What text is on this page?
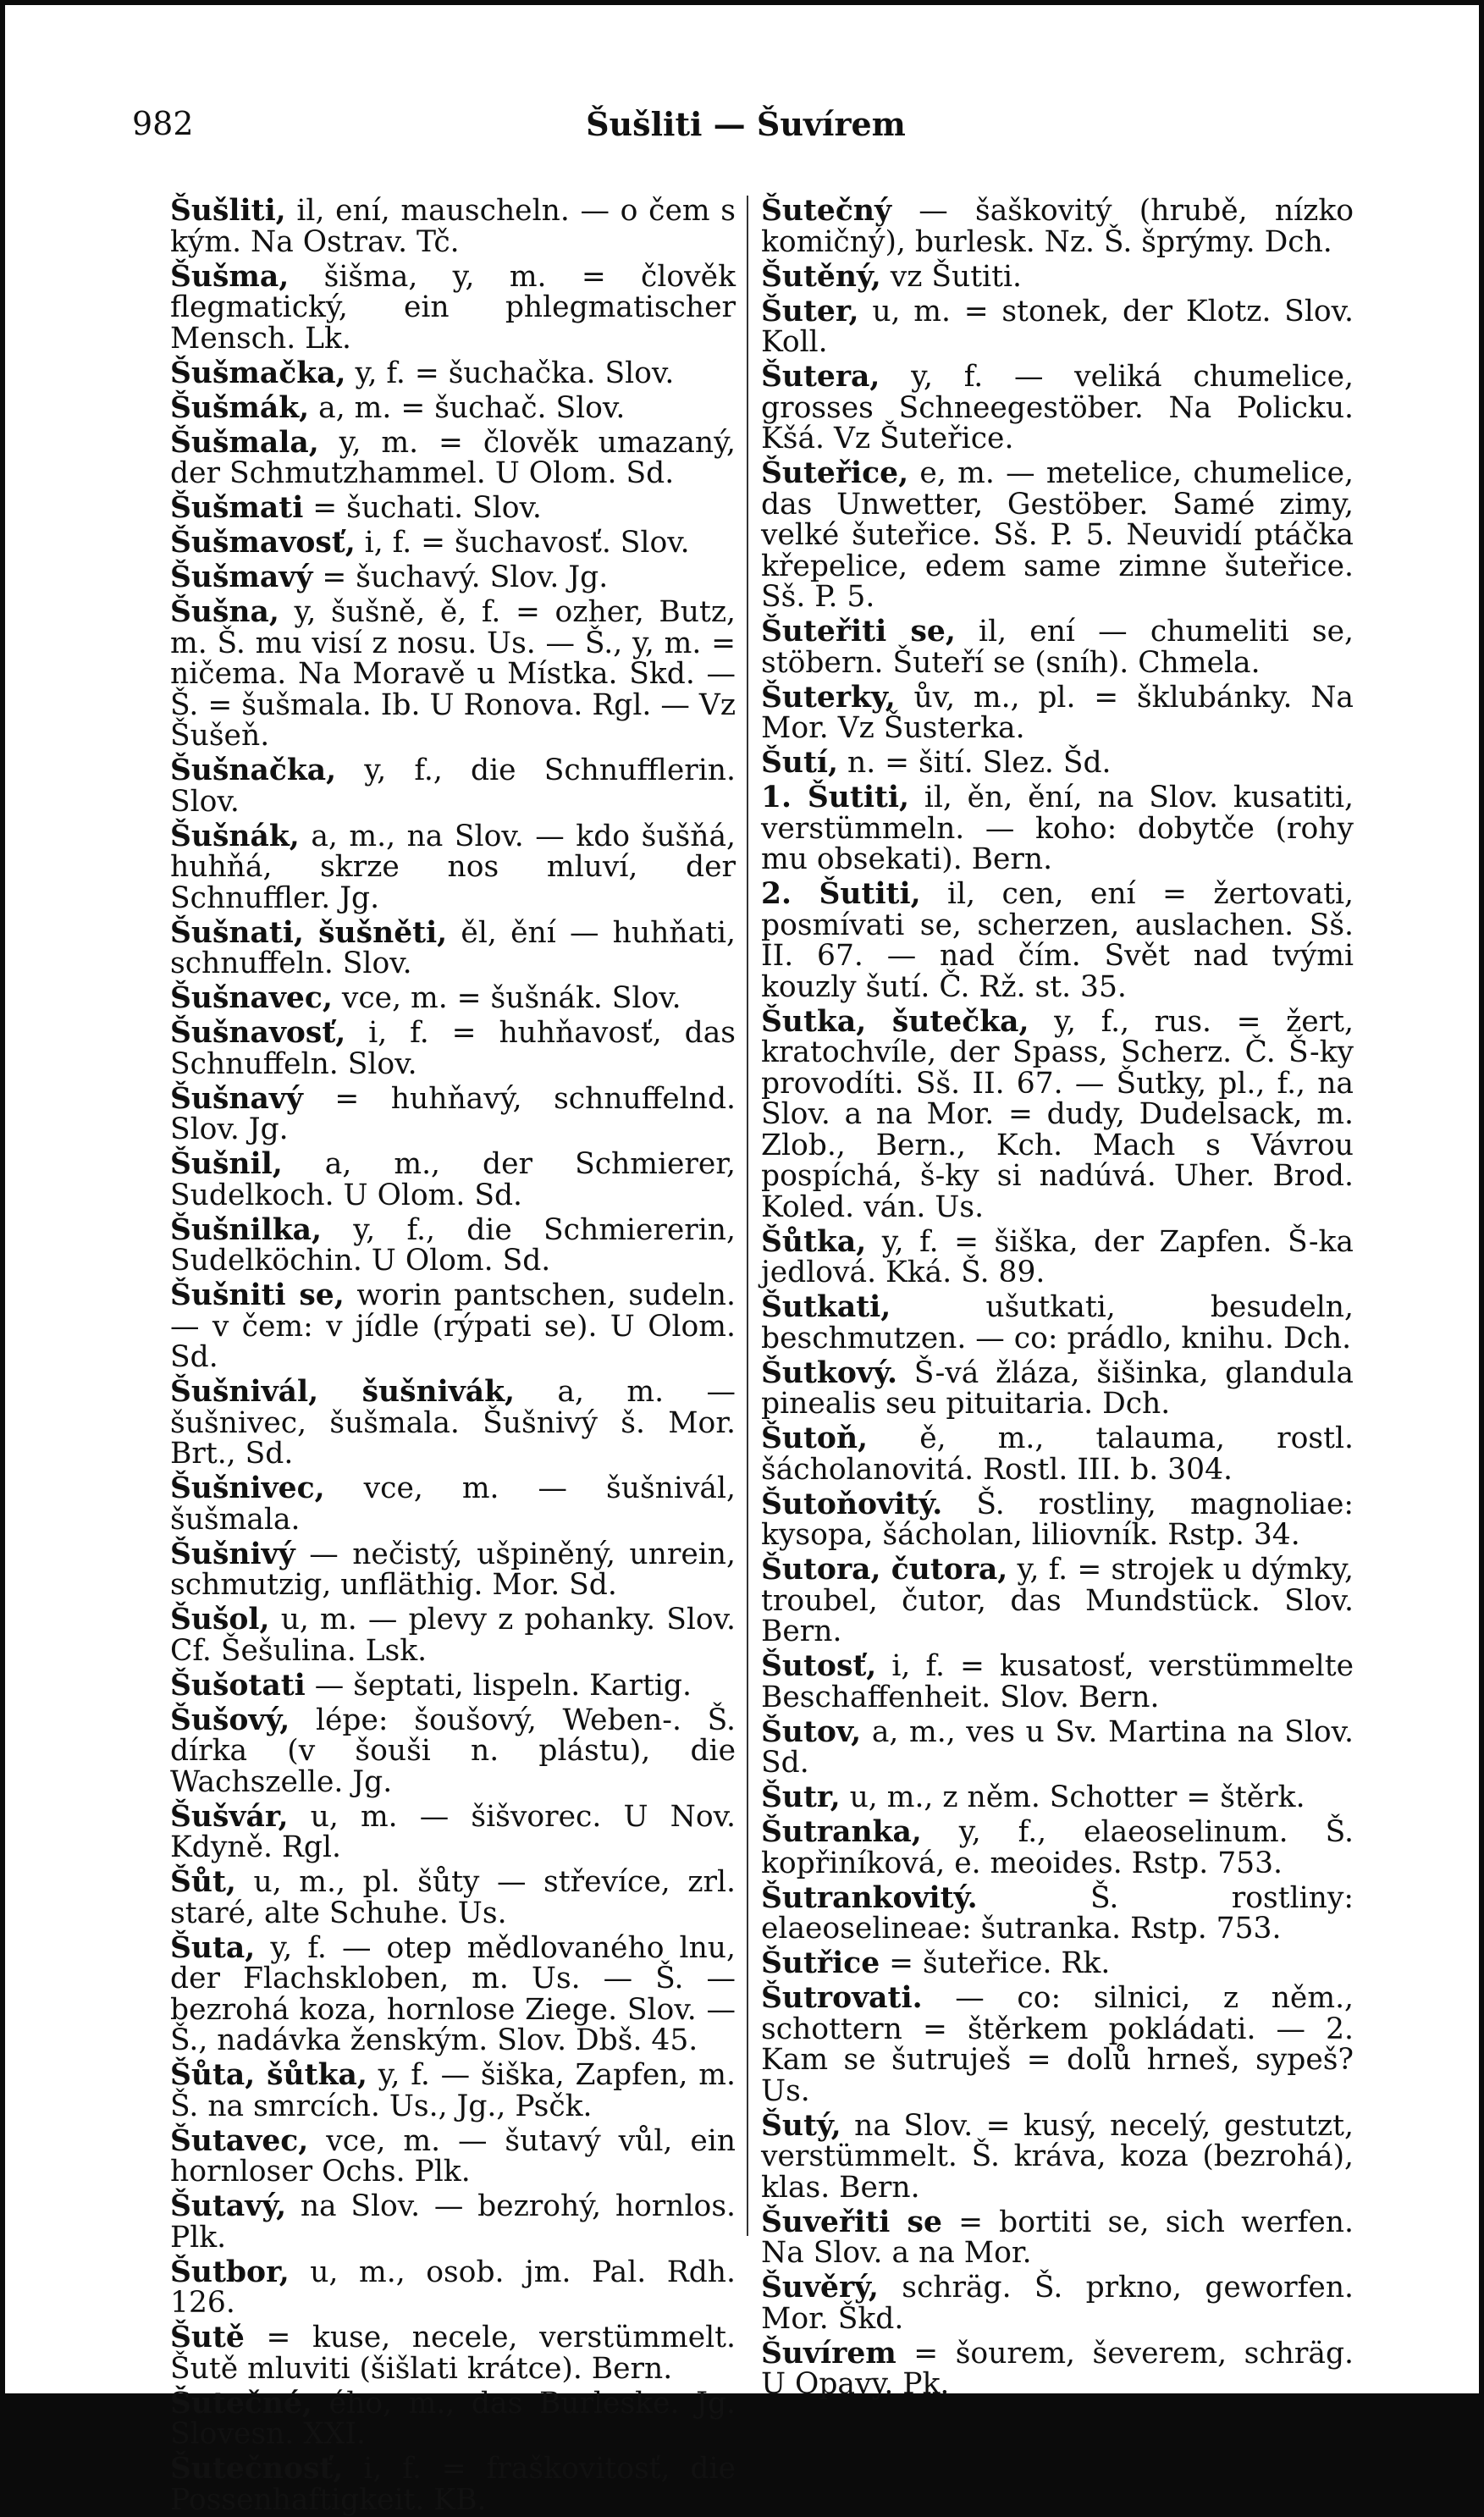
982	Šušliti — Šuvírem

Šušliti, il, ení, mauscheln. — o čem s kým. Na Ostrav. Tč.

Šušma, šišma, y, m. = člověk flegmatický, ein phlegmatischer Mensch. Lk.

Šušmačka, y, f. = šuchačka. Slov.

Šušmák, a, m. = šuchač. Slov.

Šušmala, y, m. = člověk umazaný, der Schmutzhammel. U Olom. Sd.

Šušmati = šuchati. Slov.

Šušmavosť, i, f. = šuchavosť. Slov.

Šušmavý = šuchavý. Slov. Jg.

Šušna, y, šušně, ě, f. = ozher, Butz, m. Š. mu visí z nosu. Us. — Š., y, m. = ničema. Na Moravě u Místka. Skd. — Š. = šušmala. Ib. U Ronova. Rgl. — Vz Šušeň.

Šušnačka, y, f., die Schnufflerin. Slov.

Šušnák, a, m., na Slov. — kdo šušňá, huhňá, skrze nos mluví, der Schnuffler. Jg.

Šušnati, šušněti, ěl, ění — huhňati, schnuffeln. Slov.

Šušnavec, vce, m. = šušnák. Slov.

Šušnavosť, i, f. = huhňavosť, das Schnuffeln. Slov.

Šušnavý = huhňavý, schnuffelnd. Slov. Jg.

Šušnil, a, m., der Schmierer, Sudelkoch. U Olom. Sd.

Šušnilka, y, f., die Schmiererin, Sudelköchin. U Olom. Sd.

Šušniti se, worin pantschen, sudeln. — v čem: v jídle (rýpati se). U Olom. Sd.

Šušnivál, šušnivák, a, m. — šušnivec, šušmala. Šušnivý š. Mor. Brt., Sd.

Šušnivec, vce, m. — šušnivál, šušmala.

Šušnivý — nečistý, ušpiněný, unrein, schmutzig, unfläthig. Mor. Sd.

Šušol, u, m. — plevy z pohanky. Slov. Cf. Šešulina. Lsk.

Šušotati — šeptati, lispeln. Kartig.

Šušový, lépe: šoušový, Weben-. Š. dírka (v šouši n. plástu), die Wachszelle. Jg.

Šušvár, u, m. — šišvorec. U Nov. Kdyně. Rgl.

Šůt, u, m., pl. šůty — střevíce, zrl. staré, alte Schuhe. Us.

Šuta, y, f. — otep mědlovaného lnu, der Flachskloben, m. Us. — Š. — bezrohá koza, hornlose Ziege. Slov. — Š., nadávka ženským. Slov. Dbš. 45.

Šůta, šůtka, y, f. — šiška, Zapfen, m. Š. na smrcích. Us., Jg., Psčk.

Šutavec, vce, m. — šutavý vůl, ein hornloser Ochs. Plk.

Šutavý, na Slov. — bezrohý, hornlos. Plk.

Šutbor, u, m., osob. jm. Pal. Rdh. 126.

Šutě = kuse, necele, verstümmelt. Šutě mluviti (šišlati krátce). Bern.

Šutečné, ého, m., das Burleske. Jg. Slovesn. XXI.

Šutečnosť, i, f. = fraškovitosť, die Possenhaftigkeit. KB.

Šutečný — šaškovitý (hrubě, nízko komičný), burlesk. Nz. Š. šprýmy. Dch.

Šutěný, vz Šutiti.

Šuter, u, m. = stonek, der Klotz. Slov. Koll.

Šutera, y, f. — veliká chumelice, grosses Schneegestöber. Na Policku. Kšá. Vz Šuteřice.

Šuteřice, e, m. — metelice, chumelice, das Unwetter, Gestöber. Samé zimy, velké šuteřice. Sš. P. 5. Neuvidí ptáčka křepelice, edem same zimne šuteřice. Sš. P. 5.

Šuteřiti se, il, ení — chumeliti se, stöbern. Šuteří se (sníh). Chmela.

Šuterky, ův, m., pl. = šklubánky. Na Mor. Vz Šusterka.

Šutí, n. = šití. Slez. Šd.

1. Šutiti, il, ěn, ění, na Slov. kusatiti, verstümmeln. — koho: dobytče (rohy mu obsekati). Bern.

2. Šutiti, il, cen, ení = žertovati, posmívati se, scherzen, auslachen. Sš. II. 67. — nad čím. Svět nad tvými kouzly šutí. Č. Rž. st. 35.

Šutka, šutečka, y, f., rus. = žert, kratochvíle, der Spass, Scherz. Č. Š-ky provodíti. Sš. II. 67. — Šutky, pl., f., na Slov. a na Mor. = dudy, Dudelsack, m. Zlob., Bern., Kch. Mach s Vávrou pospíchá, š-ky si nadúvá. Uher. Brod. Koled. ván. Us.

Šůtka, y, f. = šiška, der Zapfen. Š-ka jedlová. Kká. Š. 89.

Šutkati, ušutkati, besudeln, beschmutzen. — co: prádlo, knihu. Dch.

Šutkový. Š-vá žláza, šišinka, glandula pinealis seu pituitaria. Dch.

Šutoň, ě, m., talauma, rostl. šácholanovitá. Rostl. III. b. 304.

Šutoňovitý. Š. rostliny, magnoliae: kysopa, šácholan, liliovník. Rstp. 34.

Šutora, čutora, y, f. = strojek u dýmky, troubel, čutor, das Mundstück. Slov. Bern.

Šutosť, i, f. = kusatosť, verstümmelte Beschaffenheit. Slov. Bern.

Šutov, a, m., ves u Sv. Martina na Slov. Sd.

Šutr, u, m., z něm. Schotter = štěrk.

Šutranka, y, f., elaeoselinum. Š. kopřiníková, e. meoides. Rstp. 753.

Šutrankovitý. Š. rostliny: elaeoselineae: šutranka. Rstp. 753.

Šutřice = šuteřice. Rk.

Šutrovati. — co: silnici, z něm., schottern = štěrkem pokládati. — 2. Kam se šutruješ = dolů hrneš, sypeš? Us.

Šutý, na Slov. = kusý, necelý, gestutzt, verstümmelt. Š. kráva, koza (bezrohá), klas. Bern.

Šuveřiti se = bortiti se, sich werfen. Na Slov. a na Mor.

Šuvěrý, schräg. Š. prkno, geworfen. Mor. Škd.

Šuvírem = šourem, ševerem, schräg. U Opavy. Pk.
